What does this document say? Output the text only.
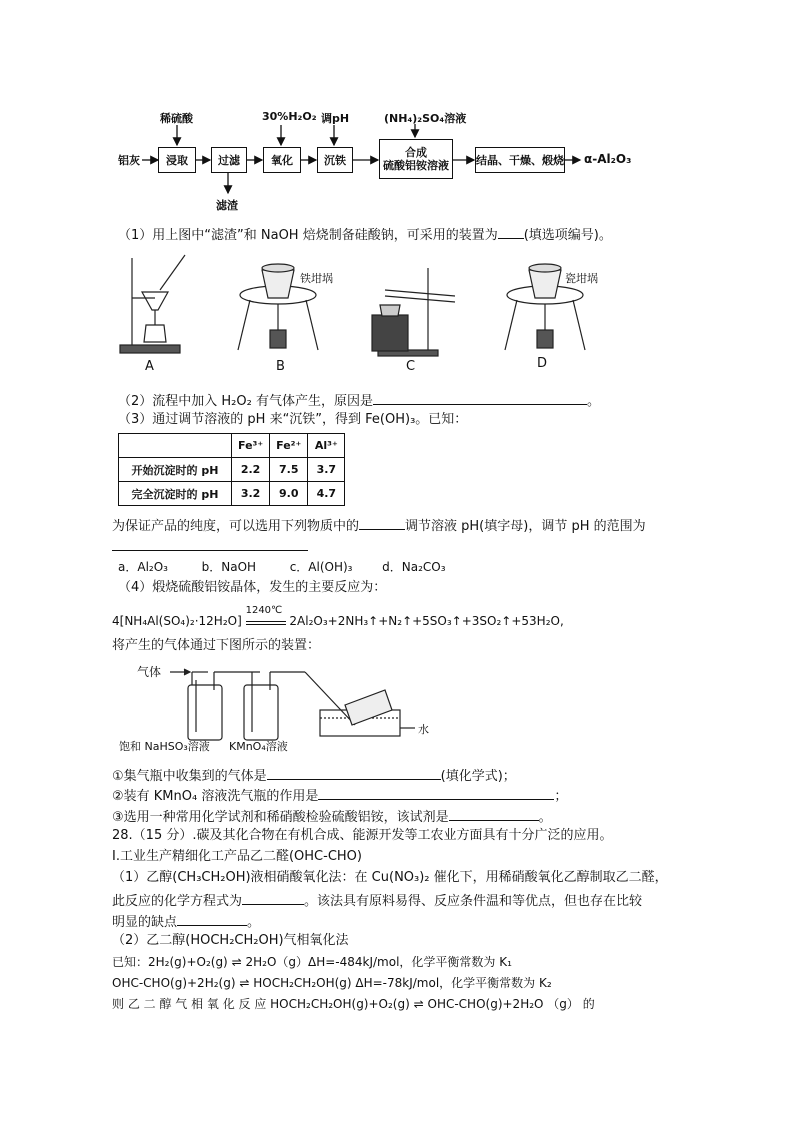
铝灰
稀硫酸	30%H₂O₂ 调pH	(NH₄)₂SO₄溶液
浸取	过滤	氧化	沉铁
合成
硫酸铝铵溶液 结晶、干燥、煅烧 α-Al₂O₃
滤渣
（1）用上图中“滤渣”和 NaOH 焙烧制备硅酸钠，可采用的装置为 (填选项编号)。
A	B	C	D
铁坩埚	瓷坩埚
（2）流程中加入 H₂O₂ 有气体产生，原因是	。
（3）通过调节溶液的 pH 来“沉铁”，得到 Fe(OH)₃。已知：
	Fe³⁺	Fe²⁺	Al³⁺
开始沉淀时的 pH	2.2	7.5	3.7
完全沉淀时的 pH	3.2	9.0	4.7
为保证产品的纯度，可以选用下列物质中的	调节溶液 pH(填字母)，调节 pH 的范围为
a．Al₂O₃	b．NaOH	c．Al(OH)₃ d．Na₂CO₃
（4）煅烧硫酸铝铵晶体，发生的主要反应为：
4[NH₄Al(SO₄)₂·12H₂O]
1240℃
2Al₂O₃+2NH₃↑+N₂↑+5SO₃↑+3SO₂↑+53H₂O,
将产生的气体通过下图所示的装置：
气体
饱和 NaHSO₃溶液 KMnO₄溶液
水
①集气瓶中收集到的气体是	(填化学式)；
②装有 KMnO₄ 溶液洗气瓶的作用是	；
③选用一种常用化学试剂和稀硝酸检验硫酸铝铵，该试剂是	。
28.（15 分）.碳及其化合物在有机合成、能源开发等工农业方面具有十分广泛的应用。
I.工业生产精细化工产品乙二醛(OHC-CHO)
（1）乙醇(CH₃CH₂OH)液相硝酸氧化法：在 Cu(NO₃)₂ 催化下，用稀硝酸氧化乙醇制取乙二醛，
此反应的化学方程式为	。该法具有原料易得、反应条件温和等优点，但也存在比较
明显的缺点	。
（2）乙二醇(HOCH₂CH₂OH)气相氧化法
已知：2H₂(g)+O₂(g) ⇌ 2H₂O（g）ΔH=-484kJ/mol，化学平衡常数为 K₁
OHC-CHO(g)+2H₂(g) ⇌ HOCH₂CH₂OH(g) ΔH=-78kJ/mol，化学平衡常数为 K₂
则 乙 二 醇 气 相 氧 化 反 应 HOCH₂CH₂OH(g)+O₂(g) ⇌ OHC-CHO(g)+2H₂O （g） 的
